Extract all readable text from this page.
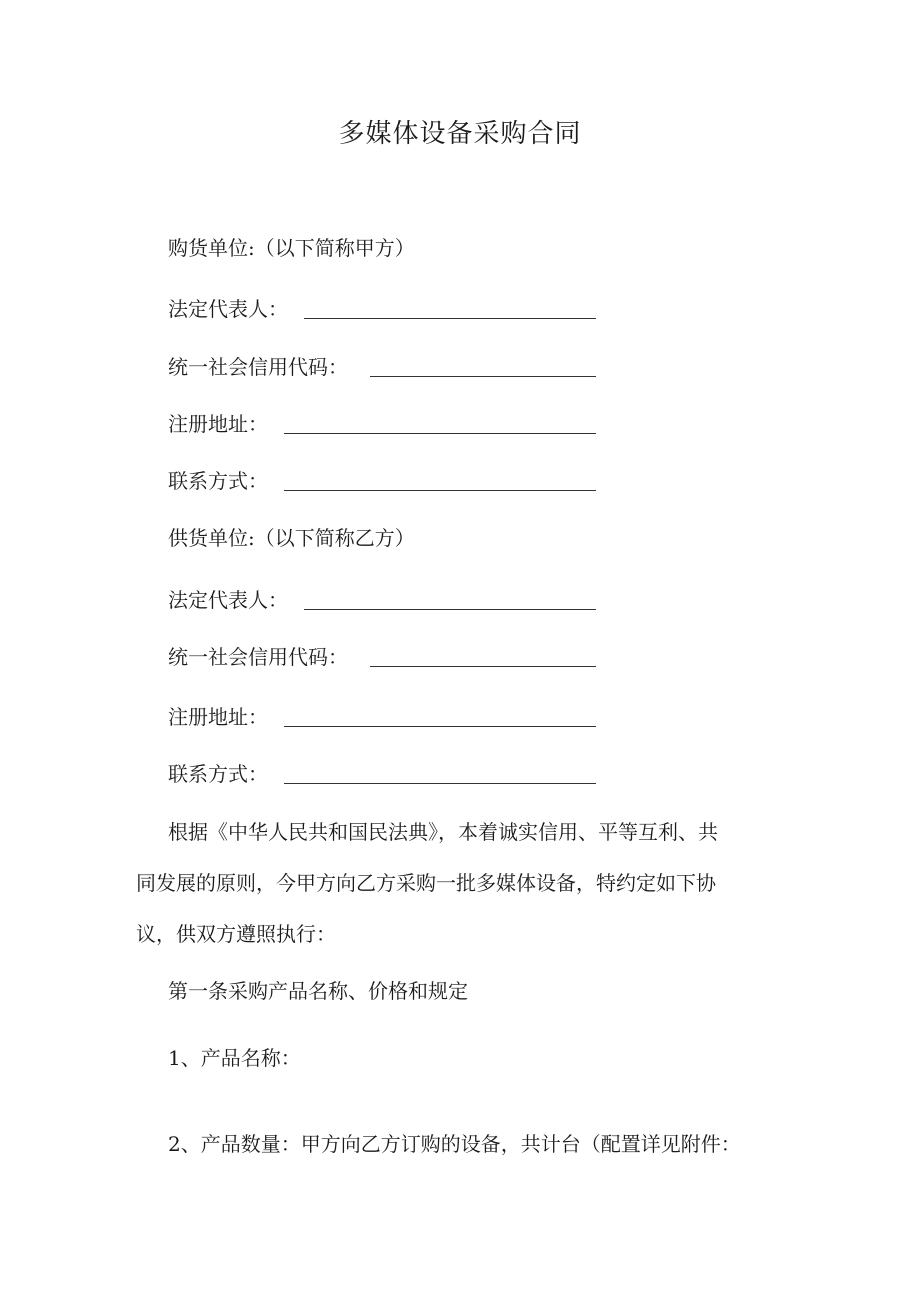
多媒体设备采购合同
购货单位:（以下简称甲方）
法定代表人：
统一社会信用代码：
注册地址：
联系方式：
供货单位:（以下简称乙方）
法定代表人：
统一社会信用代码：
注册地址：
联系方式：
根据《中华人民共和国民法典》，本着诚实信用、平等互利、共
同发展的原则，今甲方向乙方采购一批多媒体设备，特约定如下协
议，供双方遵照执行：
第一条采购产品名称、价格和规定
1、产品名称：
2、产品数量：甲方向乙方订购的设备，共计台（配置详见附件：
